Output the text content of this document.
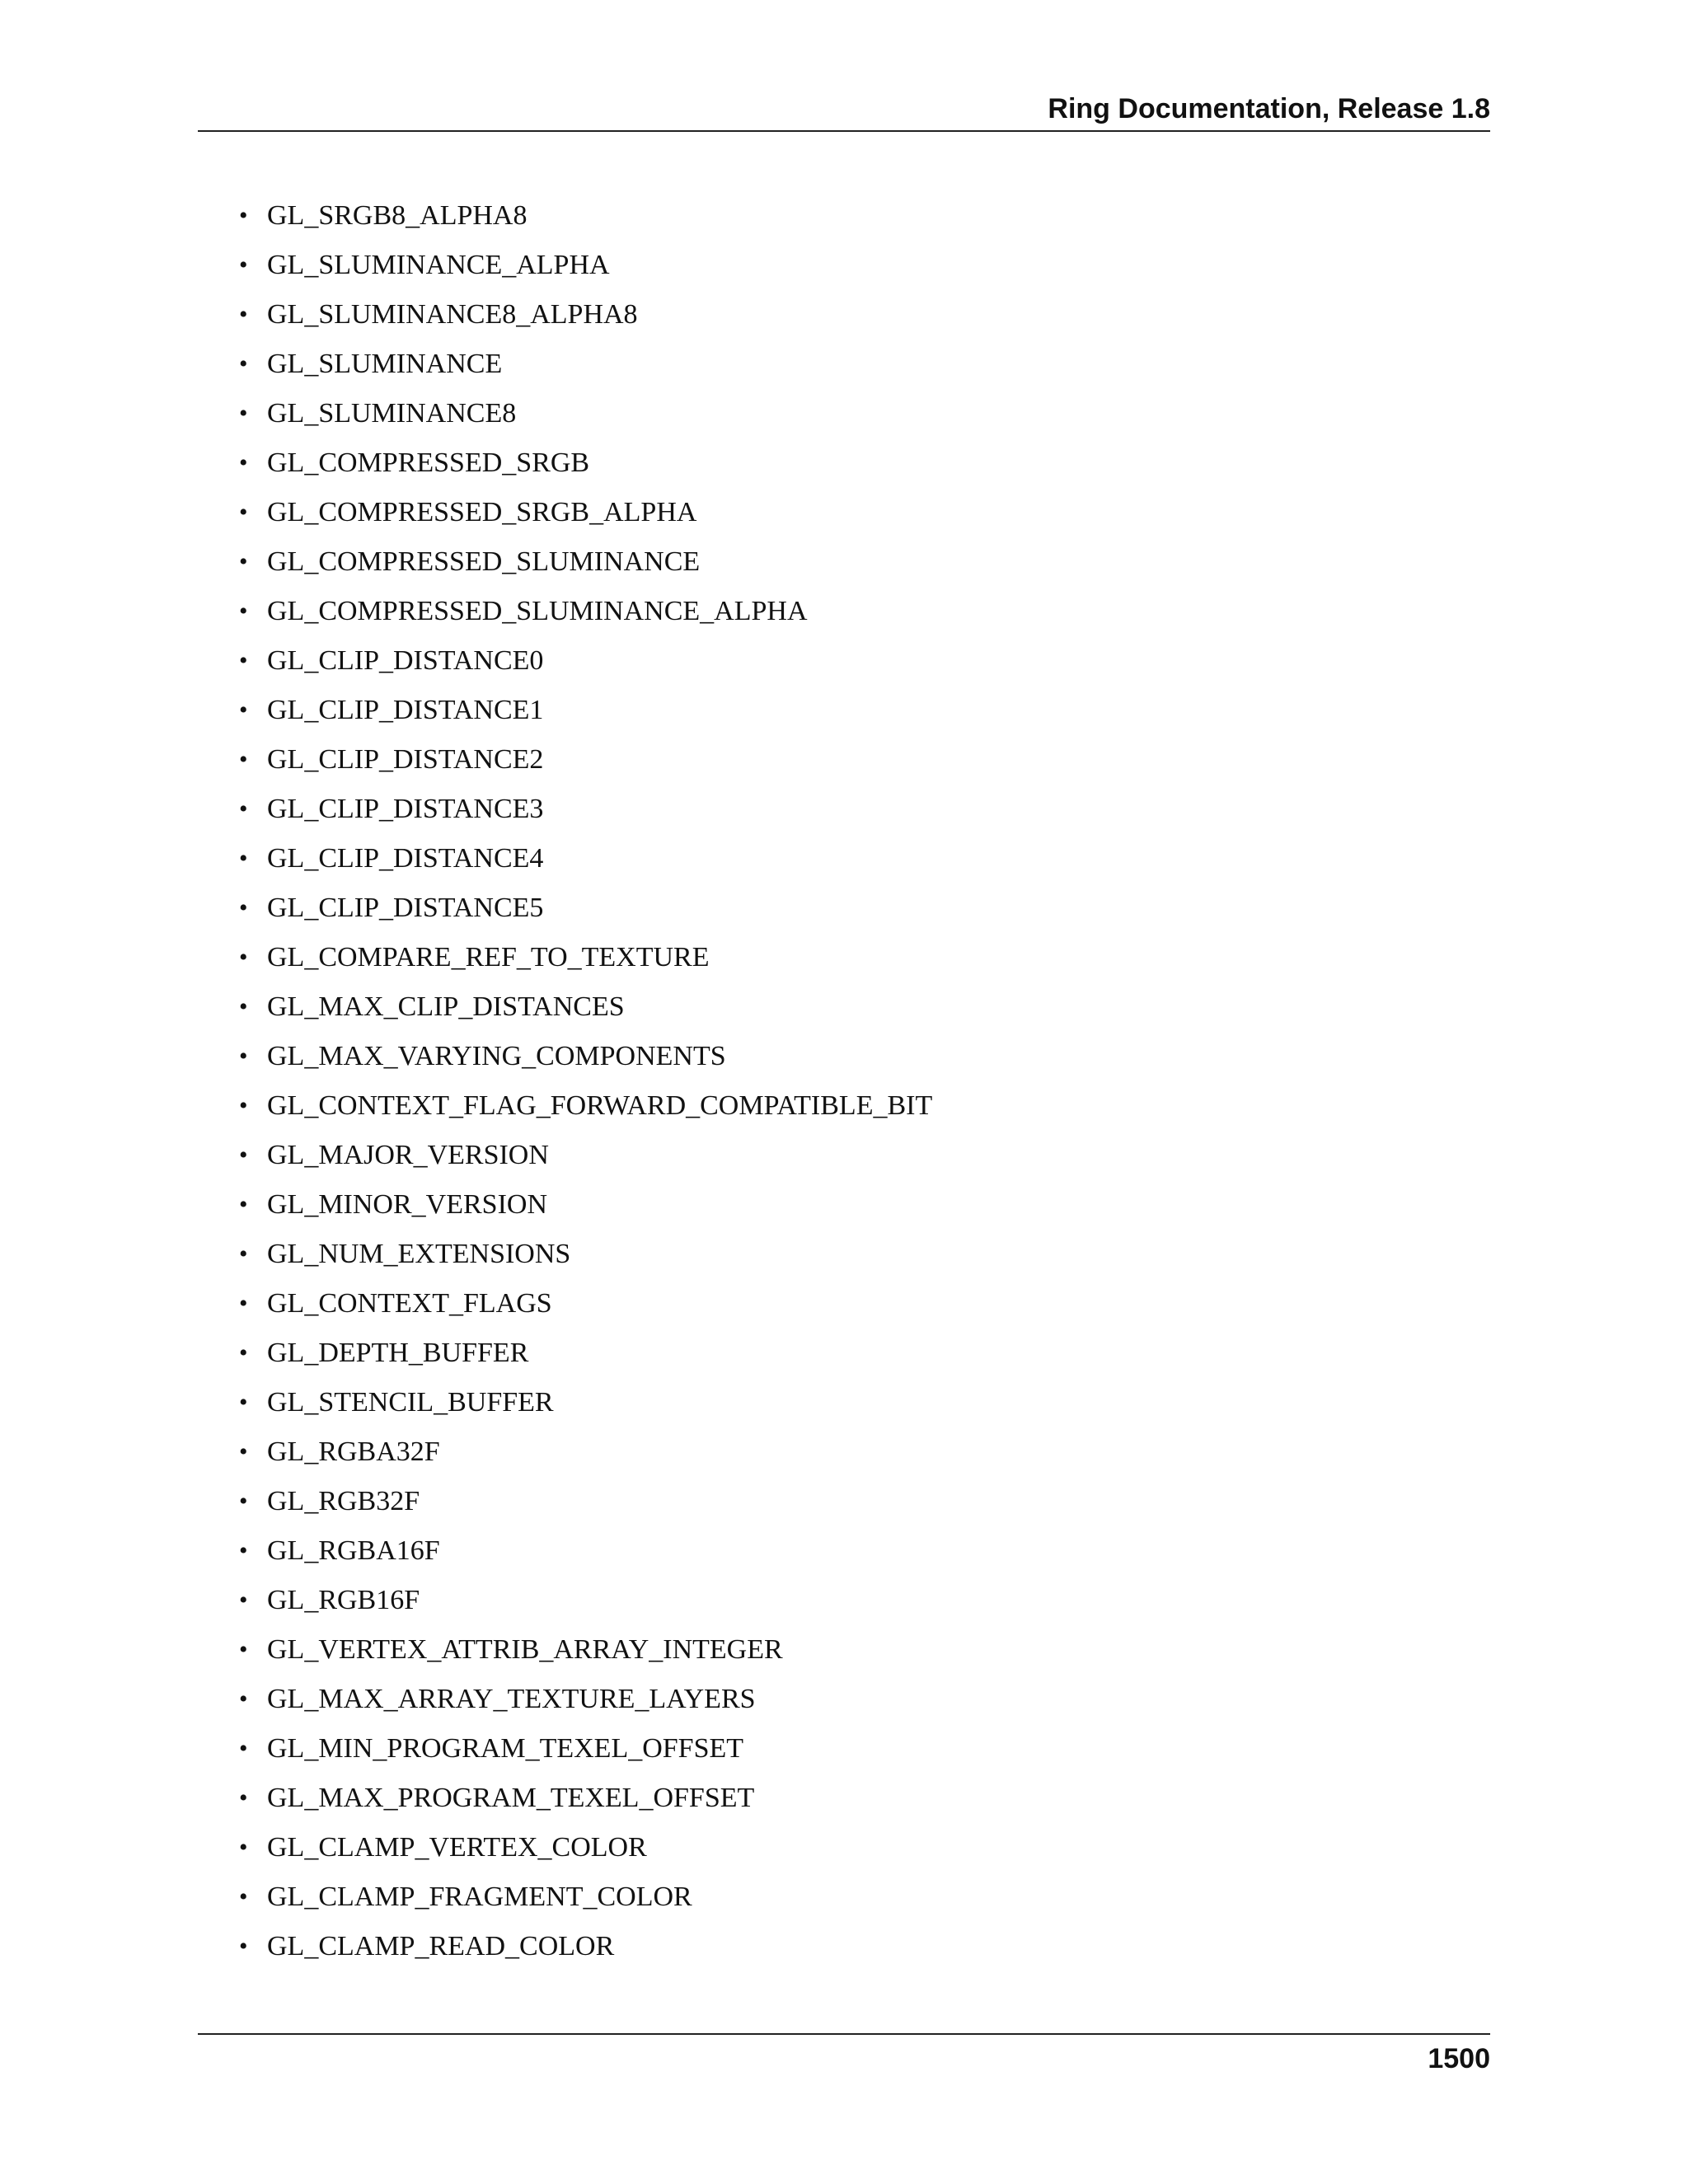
Ring Documentation, Release 1.8
• GL_SRGB8_ALPHA8
• GL_SLUMINANCE_ALPHA
• GL_SLUMINANCE8_ALPHA8
• GL_SLUMINANCE
• GL_SLUMINANCE8
• GL_COMPRESSED_SRGB
• GL_COMPRESSED_SRGB_ALPHA
• GL_COMPRESSED_SLUMINANCE
• GL_COMPRESSED_SLUMINANCE_ALPHA
• GL_CLIP_DISTANCE0
• GL_CLIP_DISTANCE1
• GL_CLIP_DISTANCE2
• GL_CLIP_DISTANCE3
• GL_CLIP_DISTANCE4
• GL_CLIP_DISTANCE5
• GL_COMPARE_REF_TO_TEXTURE
• GL_MAX_CLIP_DISTANCES
• GL_MAX_VARYING_COMPONENTS
• GL_CONTEXT_FLAG_FORWARD_COMPATIBLE_BIT
• GL_MAJOR_VERSION
• GL_MINOR_VERSION
• GL_NUM_EXTENSIONS
• GL_CONTEXT_FLAGS
• GL_DEPTH_BUFFER
• GL_STENCIL_BUFFER
• GL_RGBA32F
• GL_RGB32F
• GL_RGBA16F
• GL_RGB16F
• GL_VERTEX_ATTRIB_ARRAY_INTEGER
• GL_MAX_ARRAY_TEXTURE_LAYERS
• GL_MIN_PROGRAM_TEXEL_OFFSET
• GL_MAX_PROGRAM_TEXEL_OFFSET
• GL_CLAMP_VERTEX_COLOR
• GL_CLAMP_FRAGMENT_COLOR
• GL_CLAMP_READ_COLOR
1500
